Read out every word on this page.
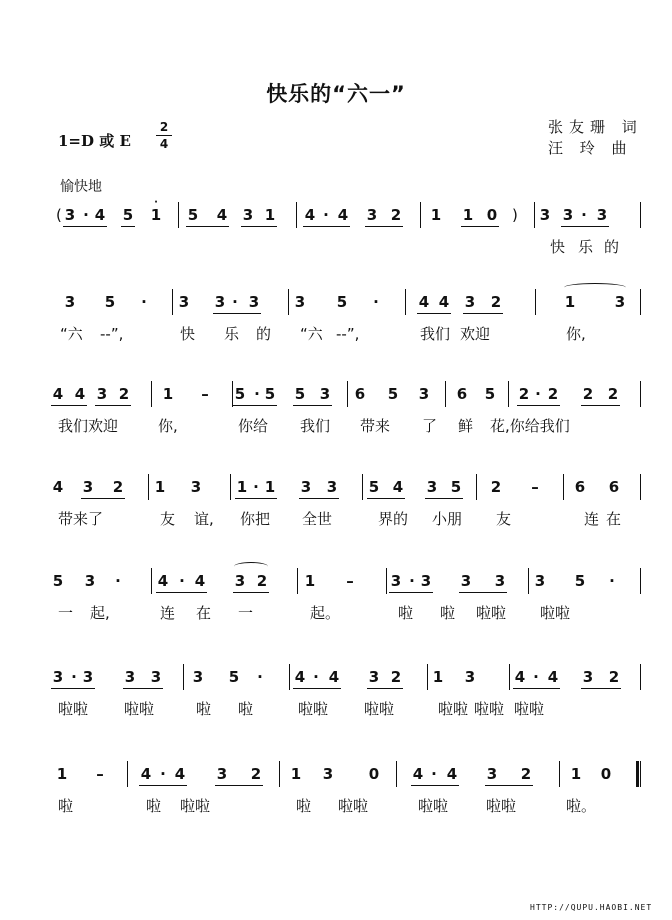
快乐的“六一”
1=D 或 E
2
4
张友珊 词
汪 玲 曲
愉快地
(	)
3 · 4 5 1 5 4 3 1 4 · 4 3 2 1 1 0	3 3 · 3
·
快 乐 的
3 5 · 3 3 · 3 3 5 ·	4 4 3 2	1	3
“六 --”,	快 乐 的 “六 --”,	我们 欢迎	你,
4 4 3 2 1 – 5 · 5 5 3 6 5 3 6 5 2 · 2 2 2
我们欢迎	你,	你给 我们 带来 了 鲜 花,你给我们
4 3 2 1 3 1 · 1 3 3 5 4 3 5 2 – 6 6
带来了	友 谊, 你把 全世	界的 小朋 友	连 在
5 3 · 4 · 4 3 2	1 – 3 · 3 3 3 3 5 ·
一 起,	连 在 一	起。	啦 啦 啦啦 啦啦
3 · 3 3 3 3 5 · 4 · 4 3 2 1 3	4 · 4 3 2
啦啦 啦啦	啦 啦	啦啦 啦啦	啦啦 啦啦 啦啦
1 – 4 · 4 3 2 1 3 0 4 · 4 3 2	1 0
啦	啦 啦啦	啦 啦啦	啦啦	啦啦	啦。
HTTP://QUPU.HAOBI.NET
